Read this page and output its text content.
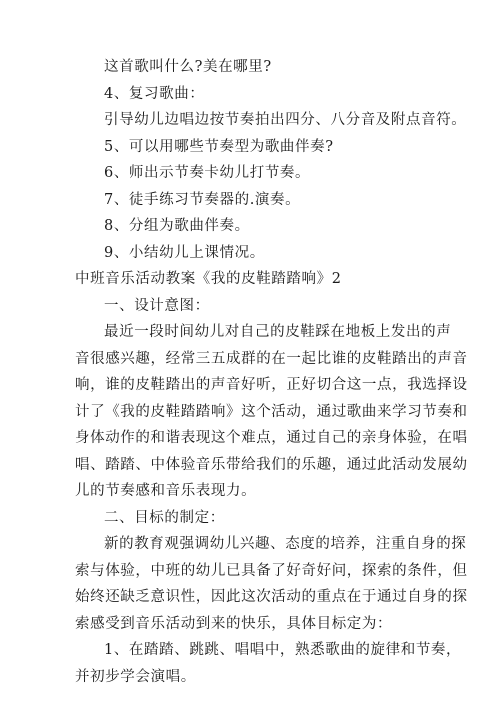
这首歌叫什么?美在哪里?
4、复习歌曲：
引导幼儿边唱边按节奏拍出四分、八分音及附点音符。
5、可以用哪些节奏型为歌曲伴奏?
6、师出示节奏卡幼儿打节奏。
7、徒手练习节奏器的.演奏。
8、分组为歌曲伴奏。
9、小结幼儿上课情况。
中班音乐活动教案《我的皮鞋踏踏响》2
一、设计意图：
最近一段时间幼儿对自己的皮鞋踩在地板上发出的声
音很感兴趣，经常三五成群的在一起比谁的皮鞋踏出的声音
响，谁的皮鞋踏出的声音好听，正好切合这一点，我选择设
计了《我的皮鞋踏踏响》这个活动，通过歌曲来学习节奏和
身体动作的和谐表现这个难点，通过自己的亲身体验，在唱
唱、踏踏、中体验音乐带给我们的乐趣，通过此活动发展幼
儿的节奏感和音乐表现力。
二、目标的制定：
新的教育观强调幼儿兴趣、态度的培养，注重自身的探
索与体验，中班的幼儿已具备了好奇好问，探索的条件，但
始终还缺乏意识性，因此这次活动的重点在于通过自身的探
索感受到音乐活动到来的快乐，具体目标定为：
1、在踏踏、跳跳、唱唱中，熟悉歌曲的旋律和节奏，
并初步学会演唱。
